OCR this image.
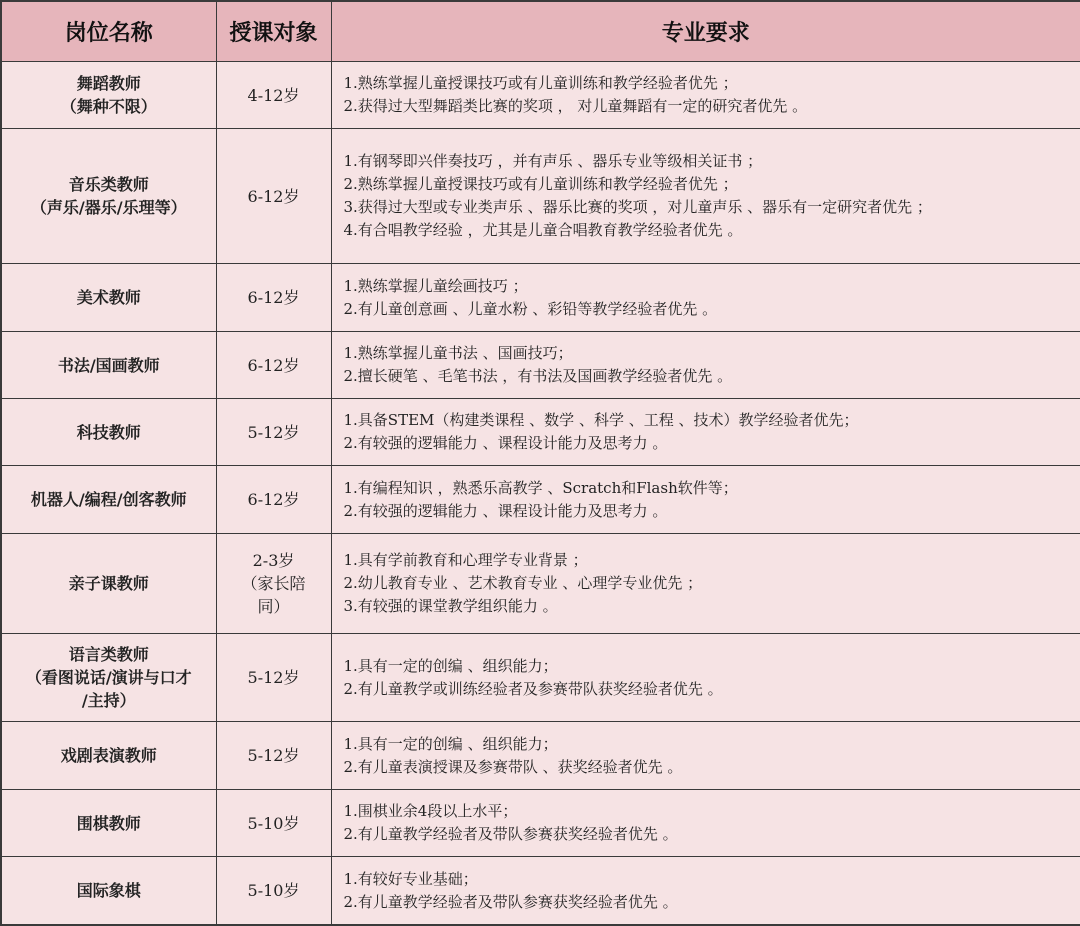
岗位名称	授课对象	专业要求

舞蹈教师
（舞种不限）	4-12岁	1.熟练掌握儿童授课技巧或有儿童训练和教学经验者优先 ；
2.获得过大型舞蹈类比赛的奖项 ， 对儿童舞蹈有一定的研究者优先 。

音乐类教师
（声乐/器乐/乐理等）	6-12岁	1.有钢琴即兴伴奏技巧 ，并有声乐 、器乐专业等级相关证书 ；
2.熟练掌握儿童授课技巧或有儿童训练和教学经验者优先 ；
3.获得过大型或专业类声乐 、器乐比赛的奖项 ，对儿童声乐 、器乐有一定研究者优先 ；
4.有合唱教学经验 ，尤其是儿童合唱教育教学经验者优先 。

美术教师	6-12岁	1.熟练掌握儿童绘画技巧 ；
2.有儿童创意画 、儿童水粉 、彩铅等教学经验者优先 。

书法/国画教师	6-12岁	1.熟练掌握儿童书法 、国画技巧；
2.擅长硬笔 、毛笔书法 ，有书法及国画教学经验者优先 。

科技教师	5-12岁	1.具备STEM（构建类课程 、数学 、科学 、工程 、技术）教学经验者优先；
2.有较强的逻辑能力 、课程设计能力及思考力 。

机器人/编程/创客教师	6-12岁	1.有编程知识 ，熟悉乐高教学 、Scratch和Flash软件等；
2.有较强的逻辑能力 、课程设计能力及思考力 。

亲子课教师	2-3岁
（家长陪
同）	1.具有学前教育和心理学专业背景 ；
2.幼儿教育专业 、艺术教育专业 、心理学专业优先 ；
3.有较强的课堂教学组织能力 。

语言类教师
（看图说话/演讲与口才
/主持）	5-12岁	1.具有一定的创编 、组织能力；
2.有儿童教学或训练经验者及参赛带队获奖经验者优先 。

戏剧表演教师	5-12岁	1.具有一定的创编 、组织能力；
2.有儿童表演授课及参赛带队 、获奖经验者优先 。

围棋教师	5-10岁	1.围棋业余4段以上水平；
2.有儿童教学经验者及带队参赛获奖经验者优先 。

国际象棋	5-10岁	1.有较好专业基础；
2.有儿童教学经验者及带队参赛获奖经验者优先 。
